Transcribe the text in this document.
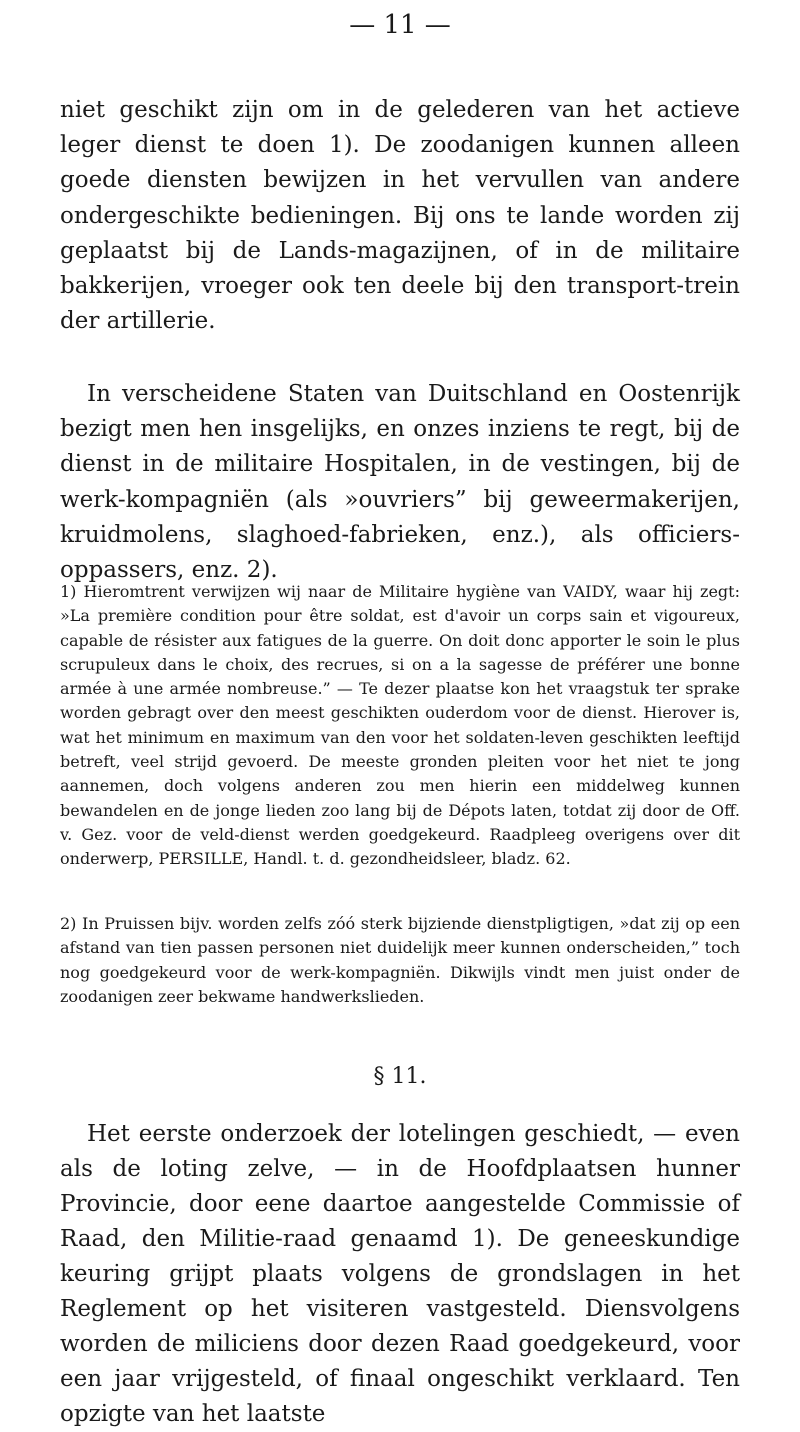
— 11 —

niet geschikt zijn om in de gelederen van het actieve leger dienst te doen 1). De zoodanigen kunnen alleen goede diensten bewijzen in het vervullen van andere ondergeschikte bedieningen. Bij ons te lande worden zij geplaatst bij de Lands-magazijnen, of in de militaire bakkerijen, vroeger ook ten deele bij den transport-trein der artillerie.

In verscheidene Staten van Duitschland en Oostenrijk bezigt men hen insgelijks, en onzes inziens te regt, bij de dienst in de militaire Hospitalen, in de vestingen, bij de werk-kompagniën (als »ouvriers” bij geweermakerijen, kruidmolens, slaghoed-fabrieken, enz.), als officiers-oppassers, enz. 2).

1) Hieromtrent verwijzen wij naar de Militaire hygiène van VAIDY, waar hij zegt: »La première condition pour être soldat, est d'avoir un corps sain et vigoureux, capable de résister aux fatigues de la guerre. On doit donc apporter le soin le plus scrupuleux dans le choix, des recrues, si on a la sagesse de préférer une bonne armée à une armée nombreuse.” — Te dezer plaatse kon het vraagstuk ter sprake worden gebragt over den meest geschikten ouderdom voor de dienst. Hierover is, wat het minimum en maximum van den voor het soldaten-leven geschikten leeftijd betreft, veel strijd gevoerd. De meeste gronden pleiten voor het niet te jong aannemen, doch volgens anderen zou men hierin een middelweg kunnen bewandelen en de jonge lieden zoo lang bij de Dépots laten, totdat zij door de Off. v. Gez. voor de veld-dienst werden goedgekeurd. Raadpleeg overigens over dit onderwerp, PERSILLE, Handl. t. d. gezondheidsleer, bladz. 62.

2) In Pruissen bijv. worden zelfs zóó sterk bijziende dienstpligtigen, »dat zij op een afstand van tien passen personen niet duidelijk meer kunnen onderscheiden,” toch nog goedgekeurd voor de werk-kompagniën. Dikwijls vindt men juist onder de zoodanigen zeer bekwame handwerkslieden.

§ 11.

Het eerste onderzoek der lotelingen geschiedt, — even als de loting zelve, — in de Hoofdplaatsen hunner Provincie, door eene daartoe aangestelde Commissie of Raad, den Militie-raad genaamd 1). De geneeskundige keuring grijpt plaats volgens de grondslagen in het Reglement op het visiteren vastgesteld. Diensvolgens worden de miliciens door dezen Raad goedgekeurd, voor een jaar vrijgesteld, of finaal ongeschikt verklaard. Ten opzigte van het laatste
